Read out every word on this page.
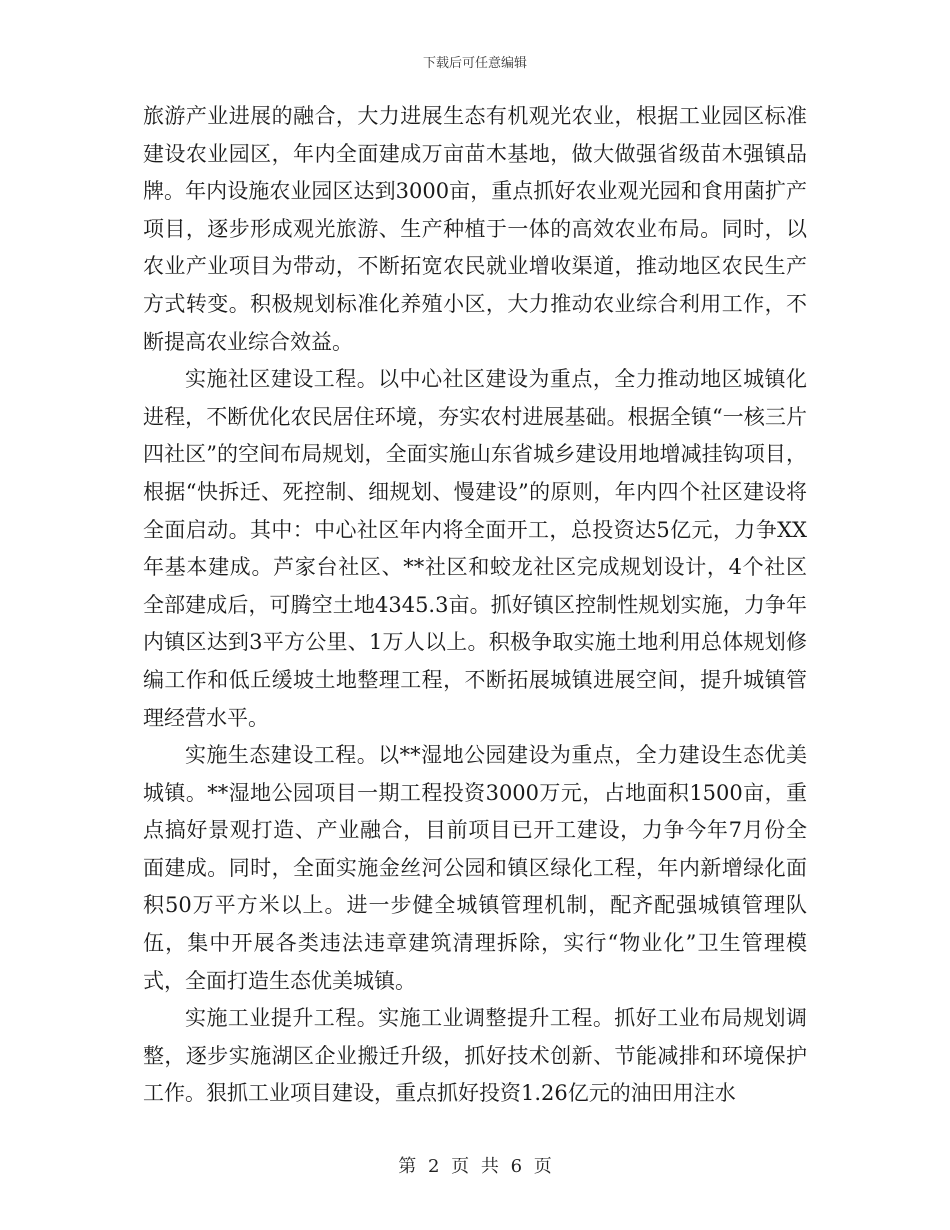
下载后可任意编辑

旅游产业进展的融合，大力进展生态有机观光农业，根据工业园区标准建设农业园区，年内全面建成万亩苗木基地，做大做强省级苗木强镇品牌。年内设施农业园区达到3000亩，重点抓好农业观光园和食用菌扩产项目，逐步形成观光旅游、生产种植于一体的高效农业布局。同时，以农业产业项目为带动，不断拓宽农民就业增收渠道，推动地区农民生产方式转变。积极规划标准化养殖小区，大力推动农业综合利用工作，不断提高农业综合效益。

实施社区建设工程。以中心社区建设为重点，全力推动地区城镇化进程，不断优化农民居住环境，夯实农村进展基础。根据全镇“一核三片四社区”的空间布局规划，全面实施山东省城乡建设用地增减挂钩项目，根据“快拆迁、死控制、细规划、慢建设”的原则，年内四个社区建设将全面启动。其中：中心社区年内将全面开工，总投资达5亿元，力争XX年基本建成。芦家台社区、**社区和蛟龙社区完成规划设计，4个社区全部建成后，可腾空土地4345.3亩。抓好镇区控制性规划实施，力争年内镇区达到3平方公里、1万人以上。积极争取实施土地利用总体规划修编工作和低丘缓坡土地整理工程，不断拓展城镇进展空间，提升城镇管理经营水平。

实施生态建设工程。以**湿地公园建设为重点，全力建设生态优美城镇。**湿地公园项目一期工程投资3000万元，占地面积1500亩，重点搞好景观打造、产业融合，目前项目已开工建设，力争今年7月份全面建成。同时，全面实施金丝河公园和镇区绿化工程，年内新增绿化面积50万平方米以上。进一步健全城镇管理机制，配齐配强城镇管理队伍，集中开展各类违法违章建筑清理拆除，实行“物业化”卫生管理模式，全面打造生态优美城镇。

实施工业提升工程。实施工业调整提升工程。抓好工业布局规划调整，逐步实施湖区企业搬迁升级，抓好技术创新、节能减排和环境保护工作。狠抓工业项目建设，重点抓好投资1.26亿元的油田用注水

第 2 页 共 6 页
